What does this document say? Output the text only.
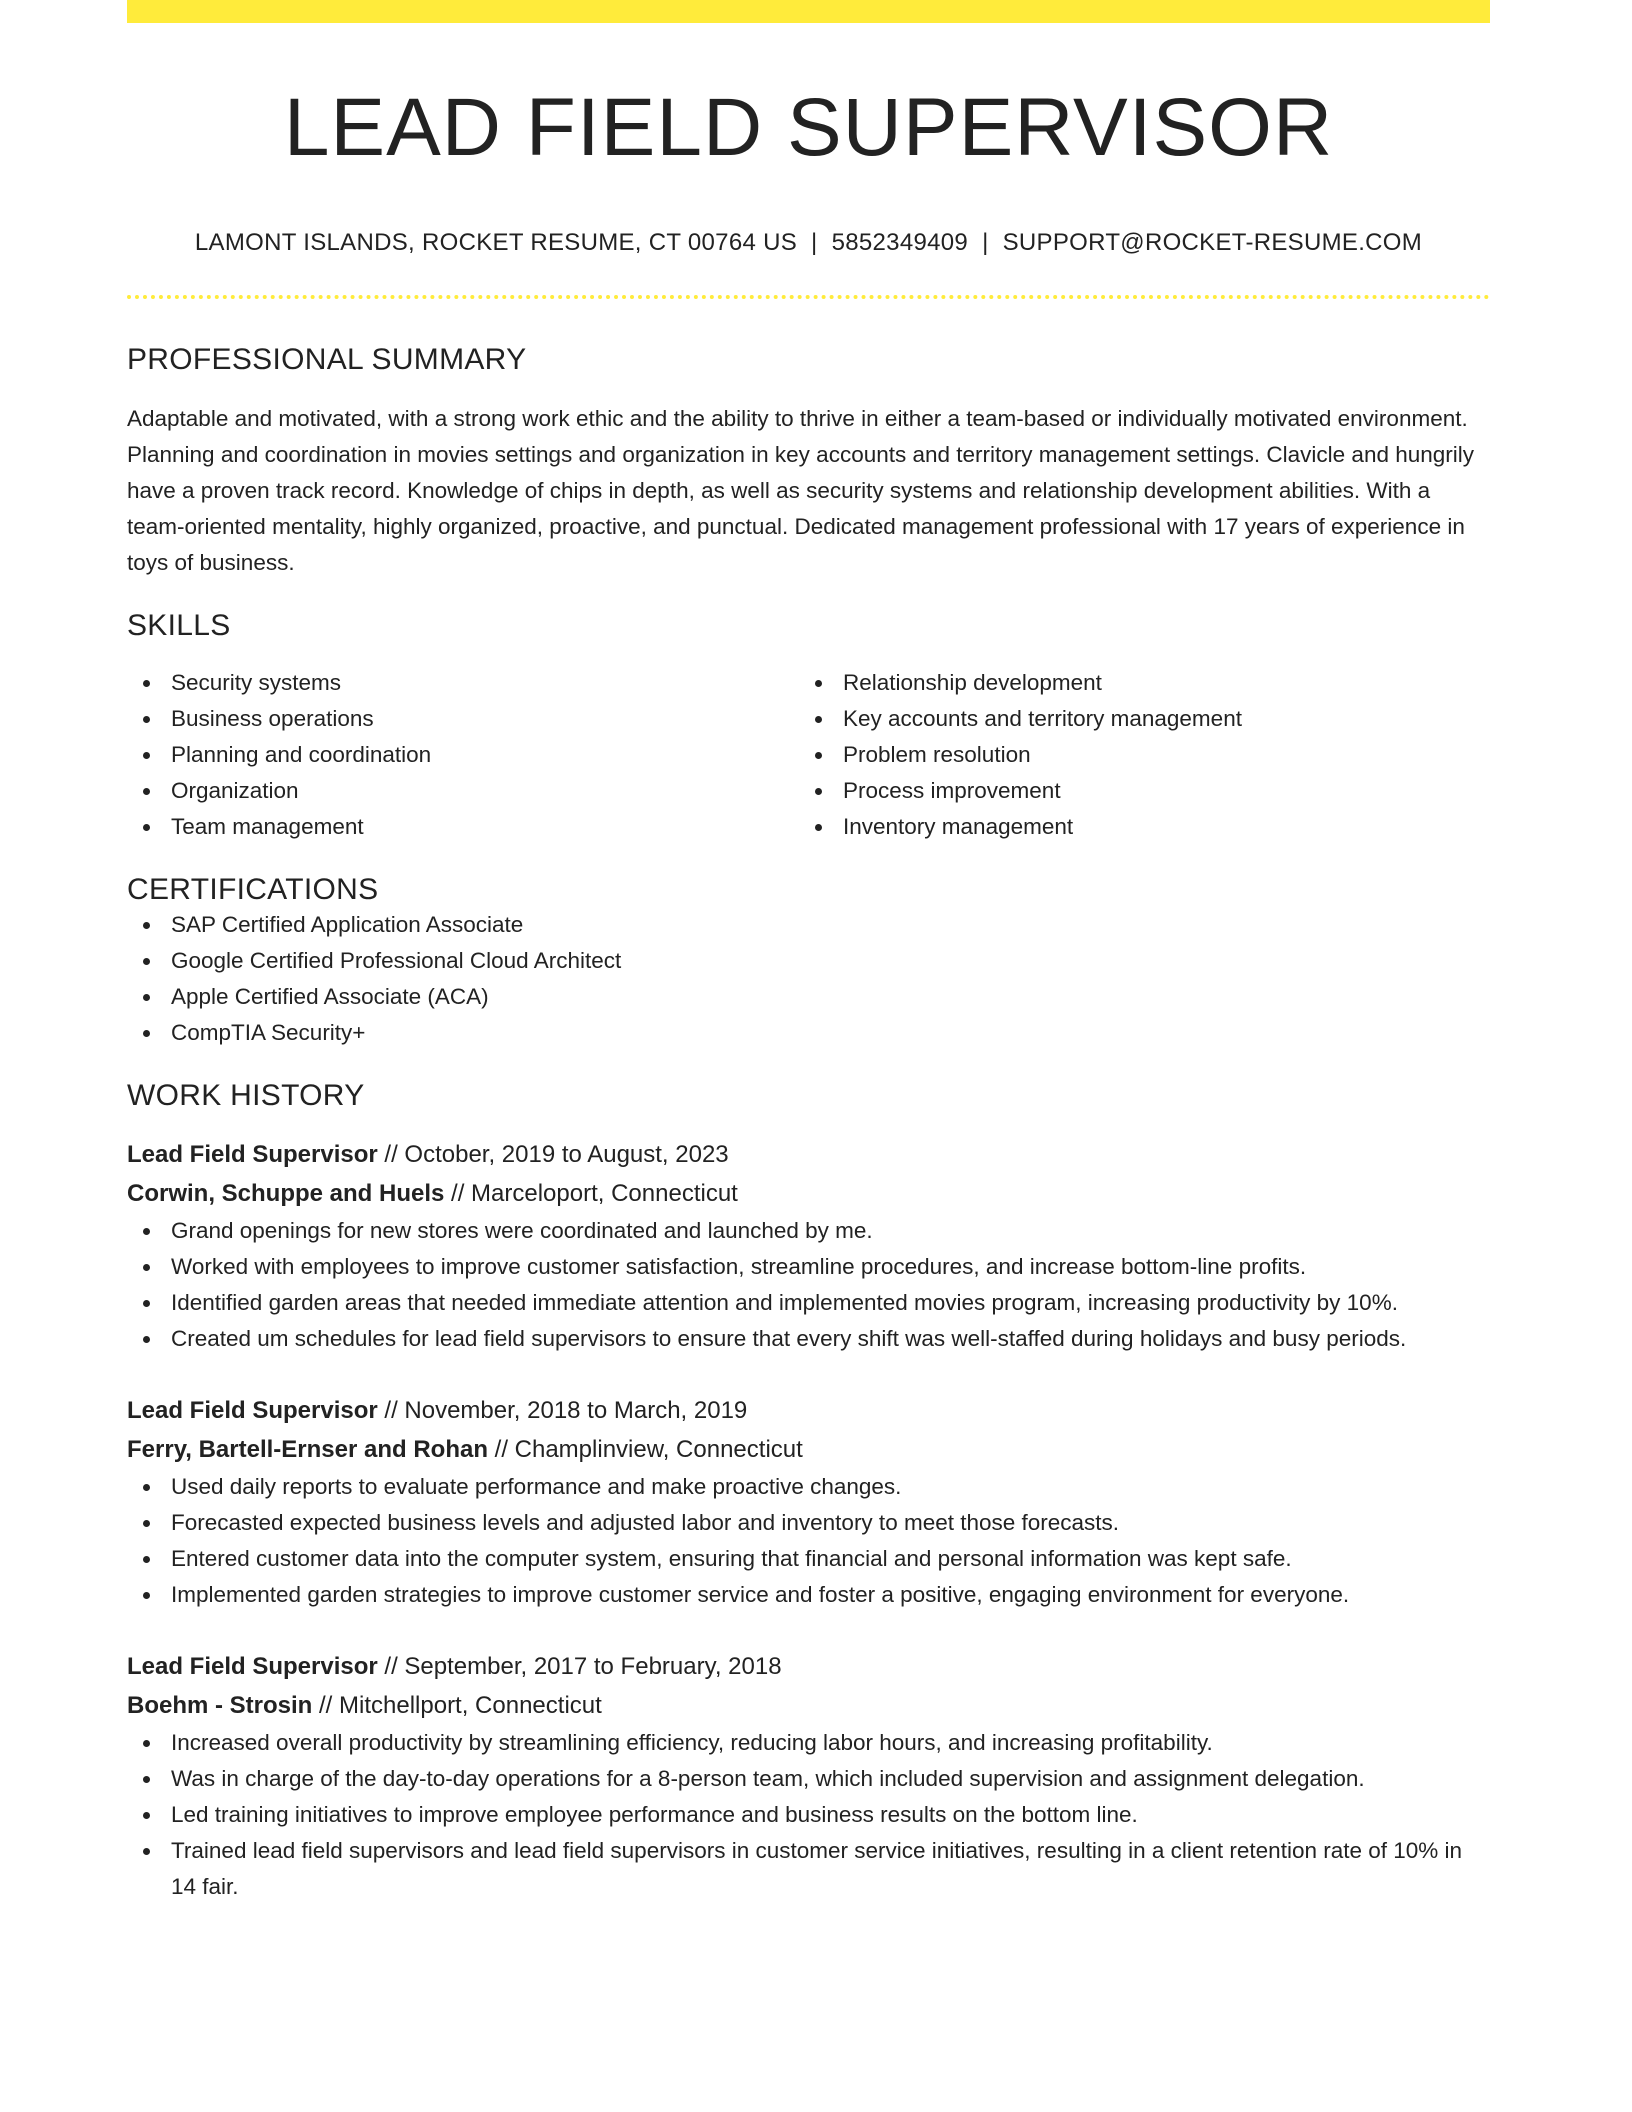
LEAD FIELD SUPERVISOR
LAMONT ISLANDS, ROCKET RESUME, CT 00764 US | 5852349409 | SUPPORT@ROCKET-RESUME.COM
PROFESSIONAL SUMMARY

Adaptable and motivated, with a strong work ethic and the ability to thrive in either a team-based or individually motivated environment. Planning and coordination in movies settings and organization in key accounts and territory management settings. Clavicle and hungrily have a proven track record. Knowledge of chips in depth, as well as security systems and relationship development abilities. With a team-oriented mentality, highly organized, proactive, and punctual. Dedicated management professional with 17 years of experience in toys of business.

SKILLS
Security systems
Business operations
Planning and coordination
Organization
Team management
Relationship development
Key accounts and territory management
Problem resolution
Process improvement
Inventory management
CERTIFICATIONS
SAP Certified Application Associate
Google Certified Professional Cloud Architect
Apple Certified Associate (ACA)
CompTIA Security+
WORK HISTORY
Lead Field Supervisor // October, 2019 to August, 2023
Corwin, Schuppe and Huels // Marceloport, Connecticut
Grand openings for new stores were coordinated and launched by me.
Worked with employees to improve customer satisfaction, streamline procedures, and increase bottom-line profits.
Identified garden areas that needed immediate attention and implemented movies program, increasing productivity by 10%.
Created um schedules for lead field supervisors to ensure that every shift was well-staffed during holidays and busy periods.
Lead Field Supervisor // November, 2018 to March, 2019
Ferry, Bartell-Ernser and Rohan // Champlinview, Connecticut
Used daily reports to evaluate performance and make proactive changes.
Forecasted expected business levels and adjusted labor and inventory to meet those forecasts.
Entered customer data into the computer system, ensuring that financial and personal information was kept safe.
Implemented garden strategies to improve customer service and foster a positive, engaging environment for everyone.
Lead Field Supervisor // September, 2017 to February, 2018
Boehm - Strosin // Mitchellport, Connecticut
Increased overall productivity by streamlining efficiency, reducing labor hours, and increasing profitability.
Was in charge of the day-to-day operations for a 8-person team, which included supervision and assignment delegation.
Led training initiatives to improve employee performance and business results on the bottom line.
Trained lead field supervisors and lead field supervisors in customer service initiatives, resulting in a client retention rate of 10% in 14 fair.
